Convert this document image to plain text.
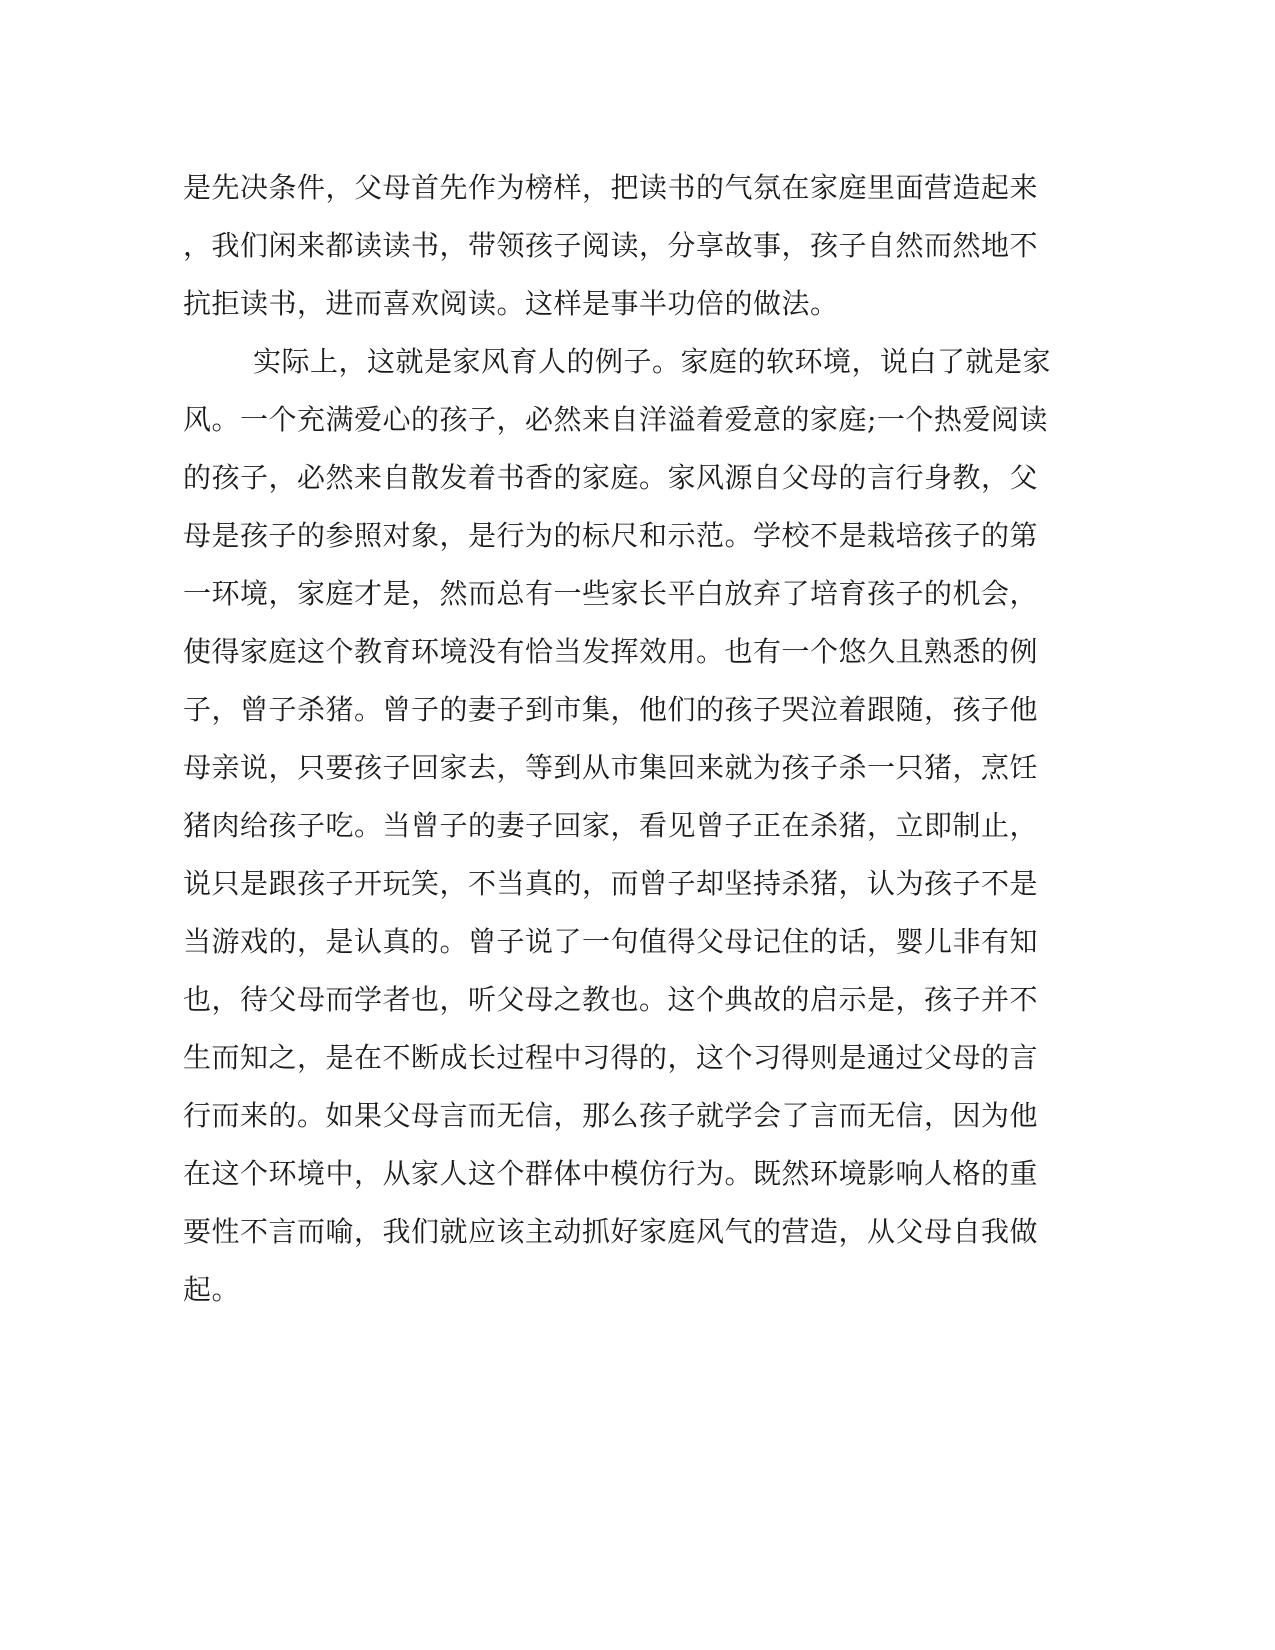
是先决条件，父母首先作为榜样，把读书的气氛在家庭里面营造起来
，我们闲来都读读书，带领孩子阅读，分享故事，孩子自然而然地不
抗拒读书，进而喜欢阅读。这样是事半功倍的做法。
实际上，这就是家风育人的例子。家庭的软环境，说白了就是家
风。一个充满爱心的孩子，必然来自洋溢着爱意的家庭;一个热爱阅读
的孩子，必然来自散发着书香的家庭。家风源自父母的言行身教，父
母是孩子的参照对象，是行为的标尺和示范。学校不是栽培孩子的第
一环境，家庭才是，然而总有一些家长平白放弃了培育孩子的机会，
使得家庭这个教育环境没有恰当发挥效用。也有一个悠久且熟悉的例
子，曾子杀猪。曾子的妻子到市集，他们的孩子哭泣着跟随，孩子他
母亲说，只要孩子回家去，等到从市集回来就为孩子杀一只猪，烹饪
猪肉给孩子吃。当曾子的妻子回家，看见曾子正在杀猪，立即制止，
说只是跟孩子开玩笑，不当真的，而曾子却坚持杀猪，认为孩子不是
当游戏的，是认真的。曾子说了一句值得父母记住的话，婴儿非有知
也，待父母而学者也，听父母之教也。这个典故的启示是，孩子并不
生而知之，是在不断成长过程中习得的，这个习得则是通过父母的言
行而来的。如果父母言而无信，那么孩子就学会了言而无信，因为他
在这个环境中，从家人这个群体中模仿行为。既然环境影响人格的重
要性不言而喻，我们就应该主动抓好家庭风气的营造，从父母自我做
起。
